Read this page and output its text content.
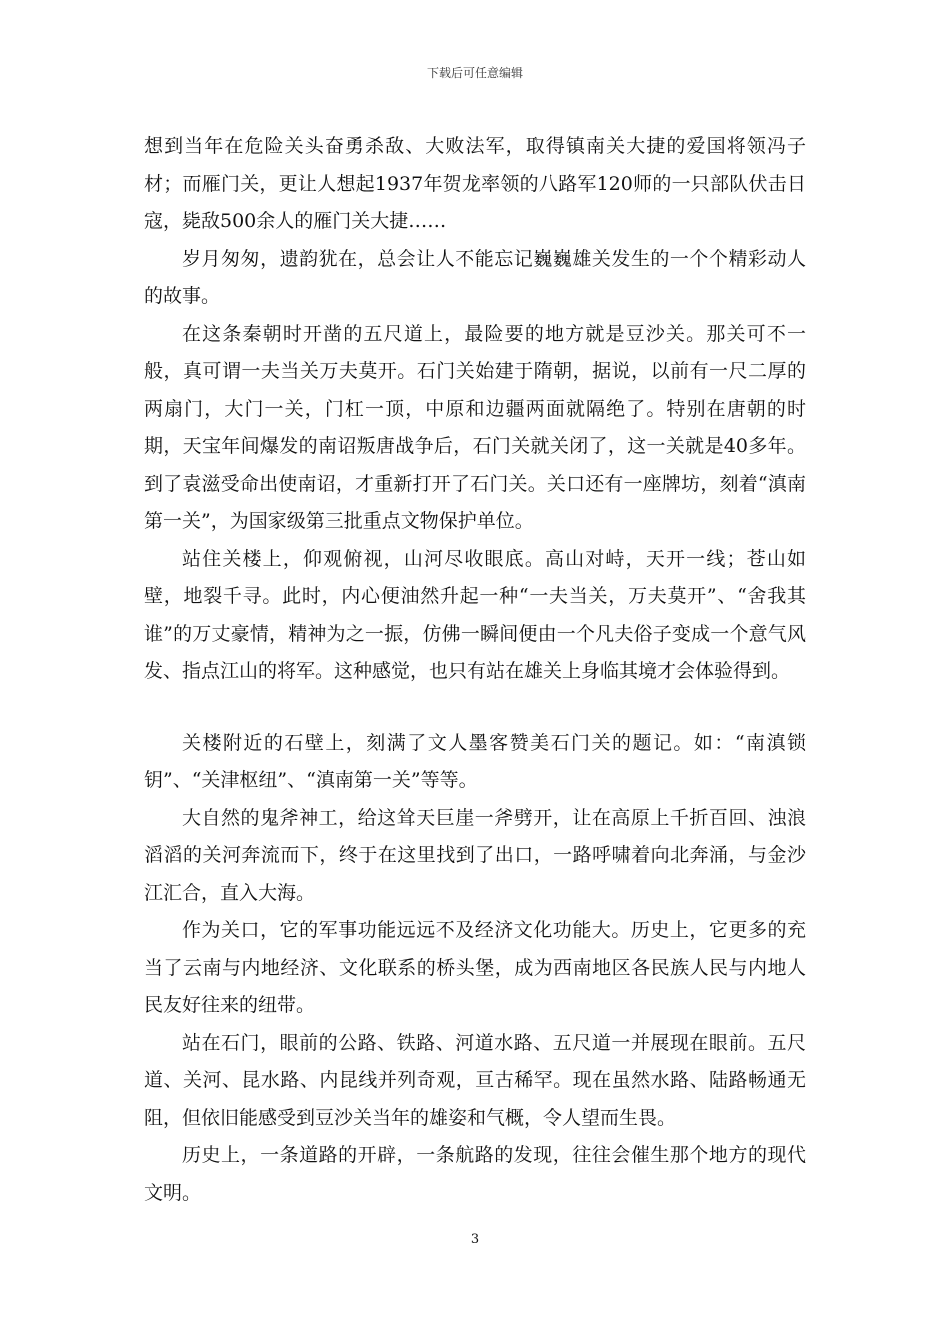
下载后可任意编辑

想到当年在危险关头奋勇杀敌、大败法军，取得镇南关大捷的爱国将领冯子材；而雁门关，更让人想起1937年贺龙率领的八路军120师的一只部队伏击日寇，毙敌500余人的雁门关大捷……

岁月匆匆，遗韵犹在，总会让人不能忘记巍巍雄关发生的一个个精彩动人的故事。

在这条秦朝时开凿的五尺道上，最险要的地方就是豆沙关。那关可不一般，真可谓一夫当关万夫莫开。石门关始建于隋朝，据说，以前有一尺二厚的两扇门，大门一关，门杠一顶，中原和边疆两面就隔绝了。特别在唐朝的时期，天宝年间爆发的南诏叛唐战争后，石门关就关闭了，这一关就是40多年。到了袁滋受命出使南诏，才重新打开了石门关。关口还有一座牌坊，刻着“滇南第一关”，为国家级第三批重点文物保护单位。

站住关楼上，仰观俯视，山河尽收眼底。高山对峙，天开一线；苍山如壁，地裂千寻。此时，内心便油然升起一种“一夫当关，万夫莫开”、“舍我其谁”的万丈豪情，精神为之一振，仿佛一瞬间便由一个凡夫俗子变成一个意气风发、指点江山的将军。这种感觉，也只有站在雄关上身临其境才会体验得到。

关楼附近的石壁上，刻满了文人墨客赞美石门关的题记。如：“南滇锁钥”、“关津枢纽”、“滇南第一关”等等。

大自然的鬼斧神工，给这耸天巨崖一斧劈开，让在高原上千折百回、浊浪滔滔的关河奔流而下，终于在这里找到了出口，一路呼啸着向北奔涌，与金沙江汇合，直入大海。

作为关口，它的军事功能远远不及经济文化功能大。历史上，它更多的充当了云南与内地经济、文化联系的桥头堡，成为西南地区各民族人民与内地人民友好往来的纽带。

站在石门，眼前的公路、铁路、河道水路、五尺道一并展现在眼前。五尺道、关河、昆水路、内昆线并列奇观，亘古稀罕。现在虽然水路、陆路畅通无阻，但依旧能感受到豆沙关当年的雄姿和气概，令人望而生畏。

历史上，一条道路的开辟，一条航路的发现，往往会催生那个地方的现代文明。

3
